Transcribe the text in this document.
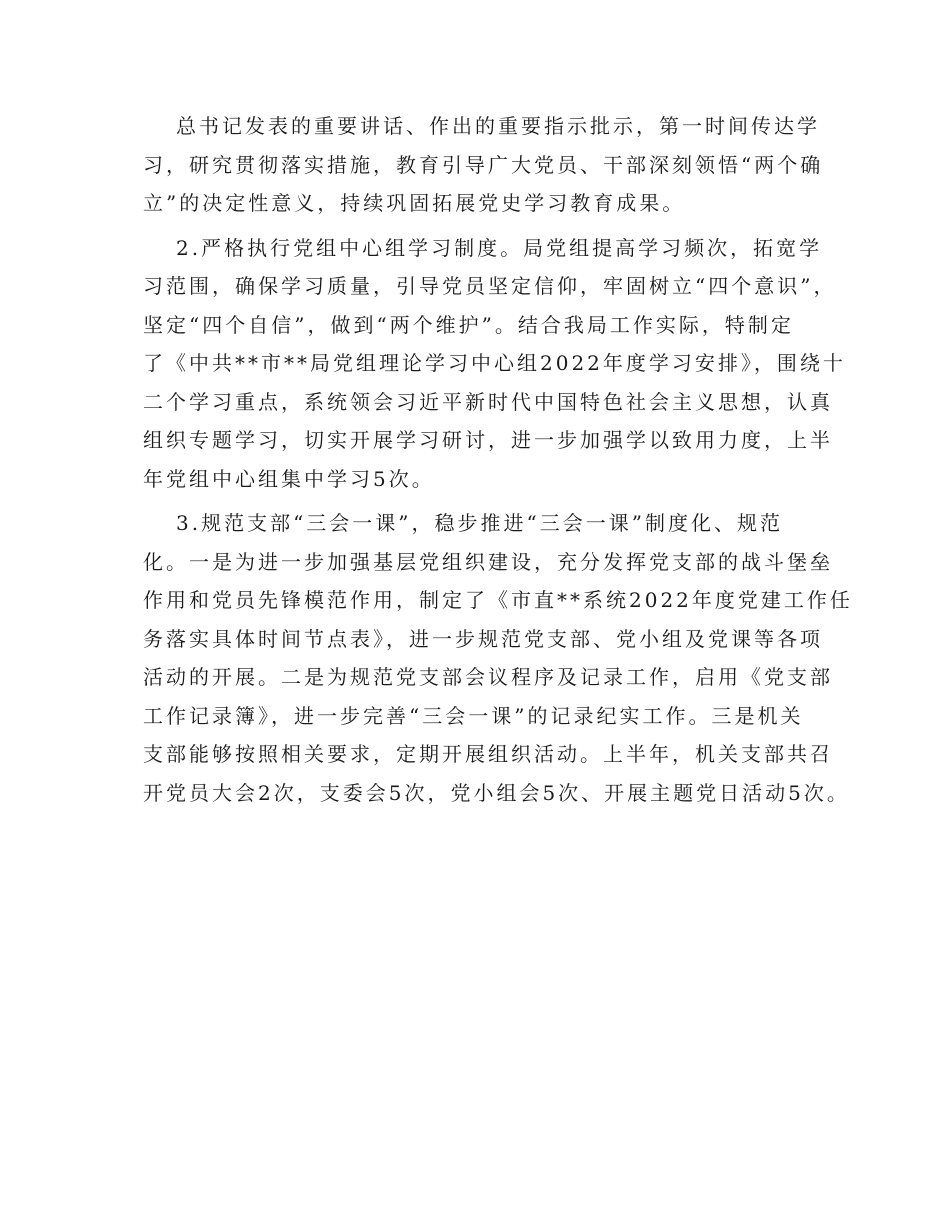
总书记发表的重要讲话、作出的重要指示批示，第一时间传达学
习，研究贯彻落实措施，教育引导广大党员、干部深刻领悟“两个确
立”的决定性意义，持续巩固拓展党史学习教育成果。
2.严格执行党组中心组学习制度。局党组提高学习频次，拓宽学
习范围，确保学习质量，引导党员坚定信仰，牢固树立“四个意识”，
坚定“四个自信”，做到“两个维护”。结合我局工作实际，特制定
了《中共**市**局党组理论学习中心组2022年度学习安排》，围绕十
二个学习重点，系统领会习近平新时代中国特色社会主义思想，认真
组织专题学习，切实开展学习研讨，进一步加强学以致用力度，上半
年党组中心组集中学习5次。
3.规范支部“三会一课”，稳步推进“三会一课”制度化、规范
化。一是为进一步加强基层党组织建设，充分发挥党支部的战斗堡垒
作用和党员先锋模范作用，制定了《市直**系统2022年度党建工作任
务落实具体时间节点表》，进一步规范党支部、党小组及党课等各项
活动的开展。二是为规范党支部会议程序及记录工作，启用《党支部
工作记录簿》，进一步完善“三会一课”的记录纪实工作。三是机关
支部能够按照相关要求，定期开展组织活动。上半年，机关支部共召
开党员大会2次，支委会5次，党小组会5次、开展主题党日活动5次。
